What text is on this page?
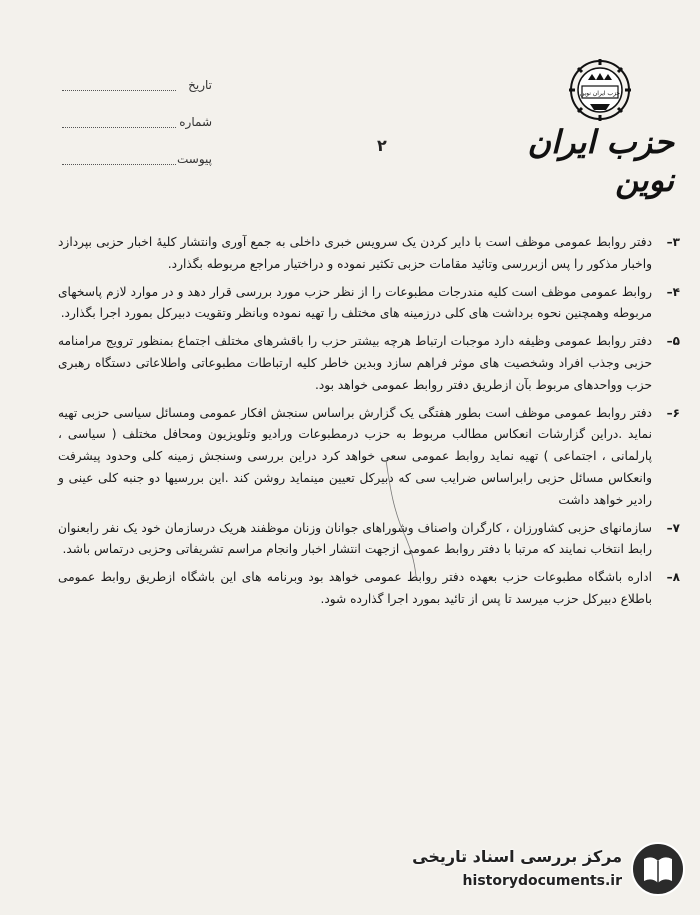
تاریخ
شماره
پیوست
۲
حزب ایران نوین
حزب ایران نوین
۳–
دفتر روابط عمومی موظف است با دایر کردن یک سرویس خبری داخلی به جمع آوری وانتشار کلیهٔ اخبار حزبی بپردازد واخبار مذکور را پس ازبررسی وتائید مقامات حزبی تکثیر نموده و دراختیار مراجع مربوطه بگذارد.
۴–
روابط عمومی موظف است کلیه مندرجات مطبوعات را از نظر حزب مورد بررسی قرار دهد و در موارد لازم پاسخهای مربوطه وهمچنین نحوه برداشت های کلی درزمینه های مختلف را تهیه نموده وبانظر وتقویت دبیرکل بمورد اجرا بگذارد.
۵–
دفتر روابط عمومی وظیفه دارد موجبات ارتباط هرچه بیشتر حزب را باقشرهای مختلف اجتماع بمنظور ترویج مرامنامه حزبی وجذب افراد وشخصیت های موثر فراهم سازد وبدین خاطر کلیه ارتباطات مطبوعاتی واطلاعاتی دستگاه رهبری حزب وواحدهای مربوط بآن ازطریق دفتر روابط عمومی خواهد بود.
۶–
دفتر روابط عمومی موظف است بطور هفتگی یک گزارش براساس سنجش افکار عمومی ومسائل سیاسی حزبی تهیه نماید .دراین گزارشات انعکاس مطالب مربوط به حزب درمطبوعات ورادیو وتلویزیون ومحافل مختلف ( سیاسی ، پارلمانی ، اجتماعی ) تهیه نماید روابط عمومی سعی خواهد کرد دراین بررسی وسنجش زمینه کلی وحدود پیشرفت وانعکاس مسائل حزبی رابراساس ضرایب سی که دبیرکل تعیین مینماید روشن کند .این بررسیها دو جنبه کلی عینی و رادیر خواهد داشت
۷–
سازمانهای حزبی کشاورزان ، کارگران واصناف وشوراهای جوانان وزنان موظفند هریک درسازمان خود یک نفر رابعنوان رابط انتخاب نمایند که مرتبا با دفتر روابط عمومی ازجهت انتشار اخبار وانجام مراسم تشریفاتی وحزبی درتماس باشد.
۸–
اداره باشگاه مطبوعات حزب بعهده دفتر روابط عمومی خواهد بود وبرنامه های این باشگاه ازطریق روابط عمومی باطلاع دبیرکل حزب میرسد تا پس از تائید بمورد اجرا گذارده شود.
مرکز بررسی اسناد تاریخی
historydocuments.ir
